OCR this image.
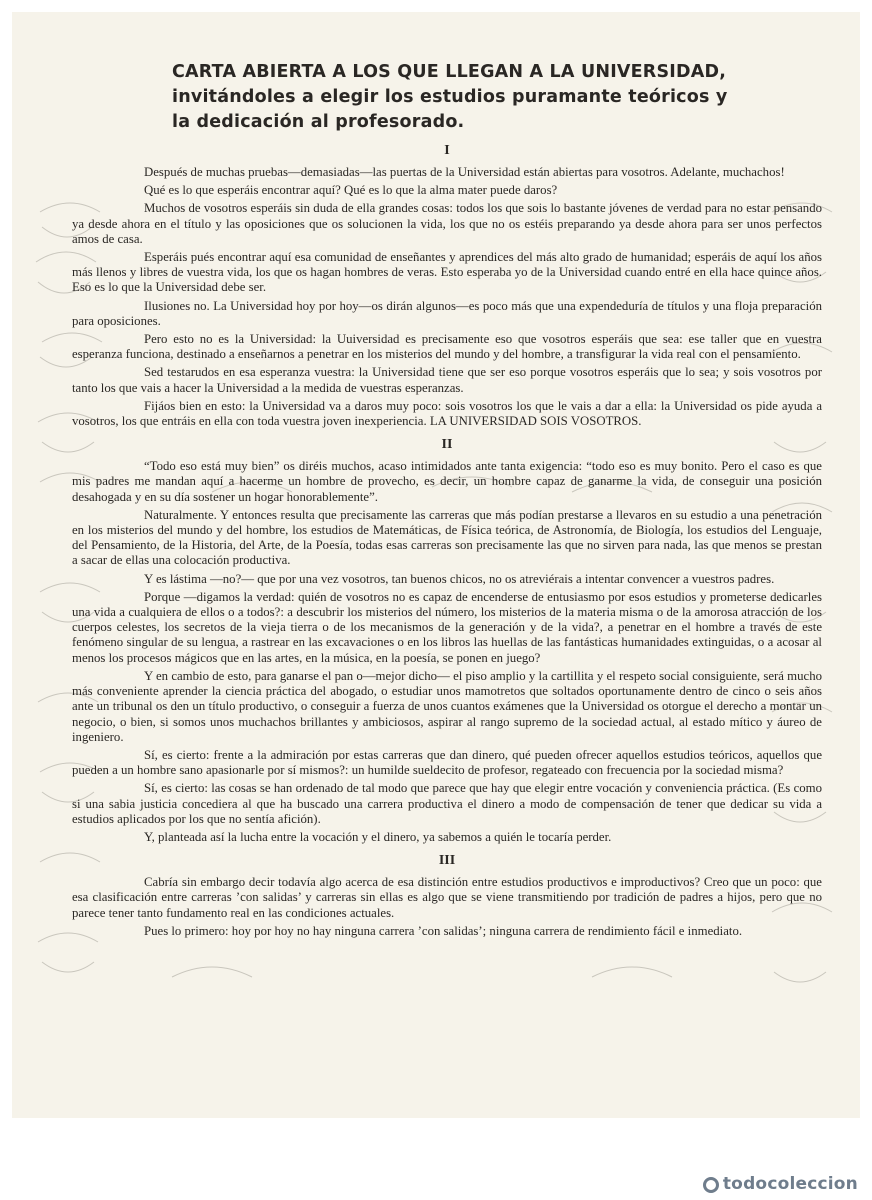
CARTA ABIERTA A LOS QUE LLEGAN A LA UNIVERSIDAD,
invitándoles a elegir los estudios puramante teóricos y
la dedicación al profesorado.
I

Después de muchas pruebas—demasiadas—las puertas de la Universidad están abiertas para vosotros. Adelante, muchachos!

Qué es lo que esperáis encontrar aquí? Qué es lo que la alma mater puede daros?

Muchos de vosotros esperáis sin duda de ella grandes cosas: todos los que sois lo bastante jóvenes de verdad para no estar pensando ya desde ahora en el título y las oposiciones que os solucionen la vida, los que no os estéis preparando ya desde ahora para ser unos perfectos amos de casa.

Esperáis pués encontrar aquí esa comunidad de enseñantes y aprendices del más alto grado de humanidad; esperáis de aquí los años más llenos y libres de vuestra vida, los que os hagan hombres de veras. Esto esperaba yo de la Universidad cuando entré en ella hace quince años. Eso es lo que la Universidad debe ser.

Ilusiones no. La Universidad hoy por hoy—os dirán algunos—es poco más que una expendeduría de títulos y una floja preparación para oposiciones.

Pero esto no es la Universidad: la Uuiversidad es precisamente eso que vosotros esperáis que sea: ese taller que en vuestra esperanza funciona, destinado a enseñarnos a penetrar en los misterios del mundo y del hombre, a transfigurar la vida real con el pensamiento.

Sed testarudos en esa esperanza vuestra: la Universidad tiene que ser eso porque vosotros esperáis que lo sea; y sois vosotros por tanto los que vais a hacer la Universidad a la medida de vuestras esperanzas.

Fijáos bien en esto: la Universidad va a daros muy poco: sois vosotros los que le vais a dar a ella: la Universidad os pide ayuda a vosotros, los que entráis en ella con toda vuestra joven inexperiencia. LA UNIVERSIDAD SOIS VOSOTROS.

II

“Todo eso está muy bien” os diréis muchos, acaso intimidados ante tanta exigencia: “todo eso es muy bonito. Pero el caso es que mis padres me mandan aquí a hacerme un hombre de provecho, es decir, un hombre capaz de ganarme la vida, de conseguir una posición desahogada y en su día sostener un hogar honorablemente”.

Naturalmente. Y entonces resulta que precisamente las carreras que más podían prestarse a llevaros en su estudio a una penetración en los misterios del mundo y del hombre, los estudios de Matemáticas, de Física teórica, de Astronomía, de Biología, los estudios del Lenguaje, del Pensamiento, de la Historia, del Arte, de la Poesía, todas esas carreras son precisamente las que no sirven para nada, las que menos se prestan a sacar de ellas una colocación productiva.

Y es lástima —no?— que por una vez vosotros, tan buenos chicos, no os atreviérais a intentar convencer a vuestros padres.

Porque —digamos la verdad: quién de vosotros no es capaz de encenderse de entusiasmo por esos estudios y prometerse dedicarles una vida a cualquiera de ellos o a todos?: a descubrir los misterios del número, los misterios de la materia misma o de la amorosa atracción de los cuerpos celestes, los secretos de la vieja tierra o de los mecanismos de la generación y de la vida?, a penetrar en el hombre a través de este fenómeno singular de su lengua, a rastrear en las excavaciones o en los libros las huellas de las fantásticas humanidades extinguidas, o a acosar al menos los procesos mágicos que en las artes, en la música, en la poesía, se ponen en juego?

Y en cambio de esto, para ganarse el pan o—mejor dicho— el piso amplio y la cartillita y el respeto social consiguiente, será mucho más conveniente aprender la ciencia práctica del abogado, o estudiar unos mamotretos que soltados oportunamente dentro de cinco o seis años ante un tribunal os den un título productivo, o conseguir a fuerza de unos cuantos exámenes que la Universidad os otorgue el derecho a montar un negocio, o bien, si somos unos muchachos brillantes y ambiciosos, aspirar al rango supremo de la sociedad actual, al estado mítico y áureo de ingeniero.

Sí, es cierto: frente a la admiración por estas carreras que dan dinero, qué pueden ofrecer aquellos estudios teóricos, aquellos que pueden a un hombre sano apasionarle por sí mismos?: un humilde sueldecito de profesor, regateado con frecuencia por la sociedad misma?

Sí, es cierto: las cosas se han ordenado de tal modo que parece que hay que elegir entre vocación y conveniencia práctica. (Es como si una sabia justicia concediera al que ha buscado una carrera productiva el dinero a modo de compensación de tener que dedicar su vida a estudios aplicados por los que no sentía afición).

Y, planteada así la lucha entre la vocación y el dinero, ya sabemos a quién le tocaría perder.

III

Cabría sin embargo decir todavía algo acerca de esa distinción entre estudios productivos e improductivos? Creo que un poco: que esa clasificación entre carreras ’con salidas’ y carreras sin ellas es algo que se viene transmitiendo por tradición de padres a hijos, pero que no parece tener tanto fundamento real en las condiciones actuales.

Pues lo primero: hoy por hoy no hay ninguna carrera ’con salidas’; ninguna carrera de rendimiento fácil e inmediato.

todocoleccion
